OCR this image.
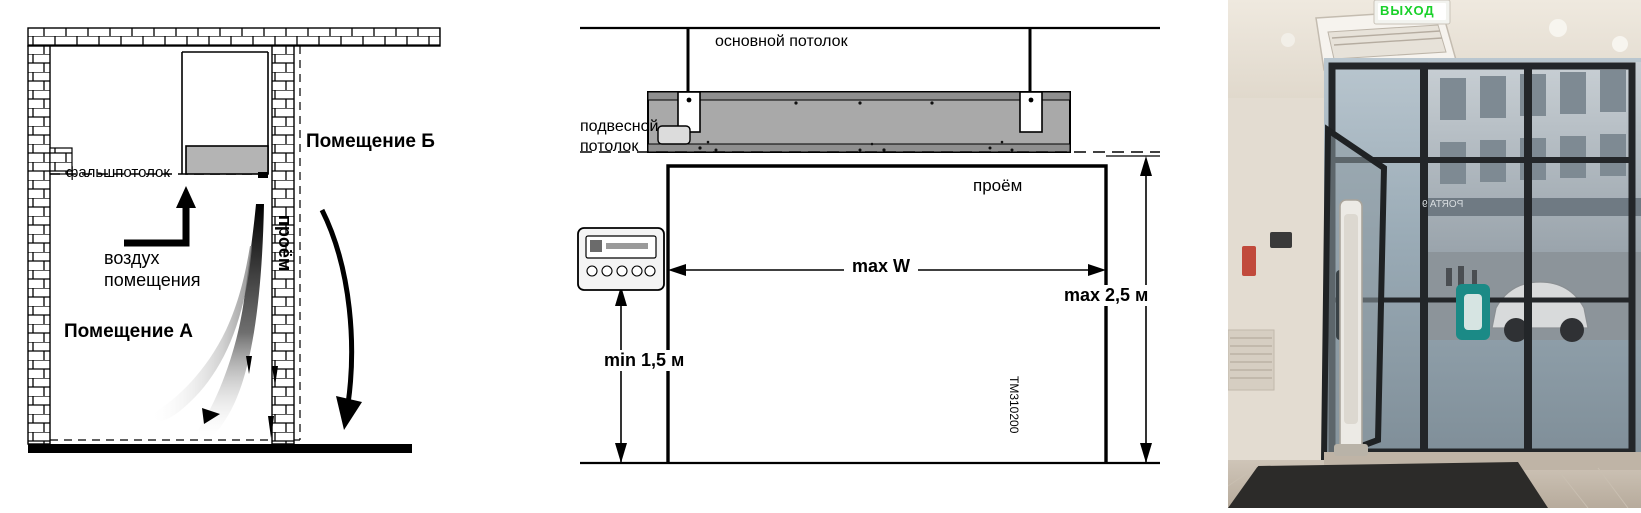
фальшпотолок
Помещение Б
Помещение А
воздух
помещения
проём
основной потолок
подвесной
потолок
проём
max W
max 2,5 м
min 1,5 м
ТМ310200
ВЫХОД
PORTA 9
